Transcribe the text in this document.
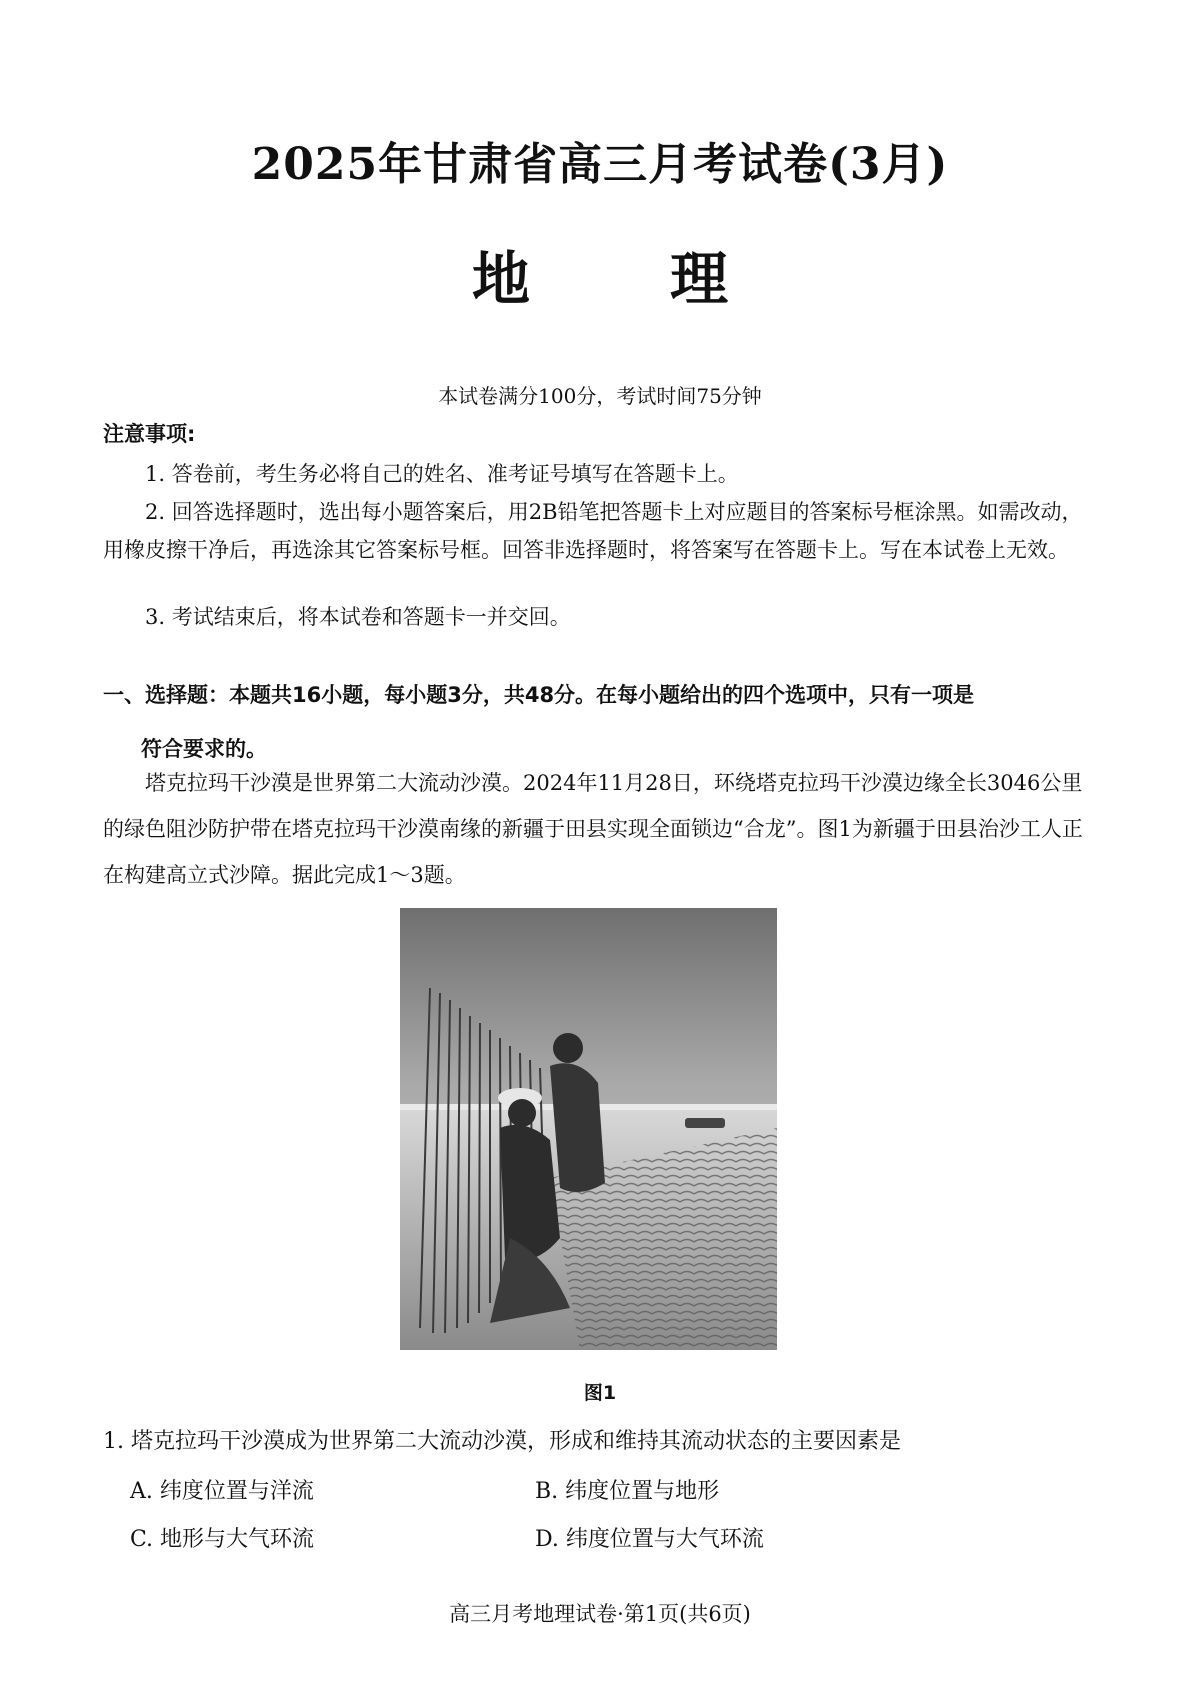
2025年甘肃省高三月考试卷(3月)
地 理
本试卷满分100分，考试时间75分钟
注意事项:
1. 答卷前，考生务必将自己的姓名、准考证号填写在答题卡上。
2. 回答选择题时，选出每小题答案后，用2B铅笔把答题卡上对应题目的答案标号框涂黑。如需改动，用橡皮擦干净后，再选涂其它答案标号框。回答非选择题时，将答案写在答题卡上。写在本试卷上无效。
3. 考试结束后，将本试卷和答题卡一并交回。
一、选择题：本题共16小题，每小题3分，共48分。在每小题给出的四个选项中，只有一项是
符合要求的。
塔克拉玛干沙漠是世界第二大流动沙漠。2024年11月28日，环绕塔克拉玛干沙漠边缘全长3046公里的绿色阻沙防护带在塔克拉玛干沙漠南缘的新疆于田县实现全面锁边“合龙”。图1为新疆于田县治沙工人正在构建高立式沙障。据此完成1～3题。
图1
1. 塔克拉玛干沙漠成为世界第二大流动沙漠，形成和维持其流动状态的主要因素是
A. 纬度位置与洋流	B. 纬度位置与地形
C. 地形与大气环流	D. 纬度位置与大气环流
高三月考地理试卷·第1页(共6页)
